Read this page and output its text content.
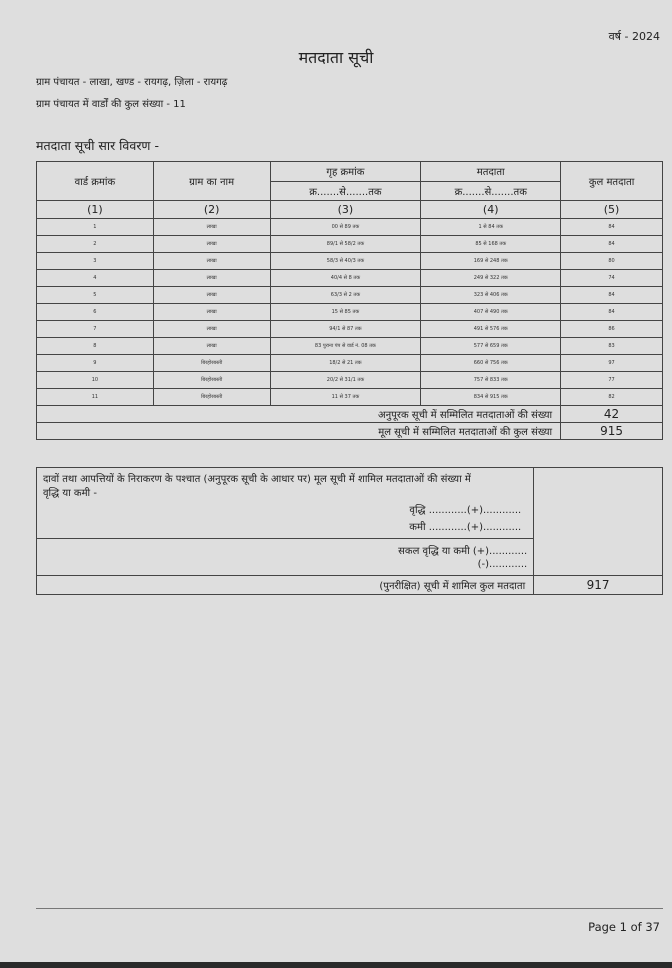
वर्ष - 2024
मतदाता सूची
ग्राम पंचायत - लाखा, खण्ड - रायगढ़, ज़िला - रायगढ़
ग्राम पंचायत में वार्डों की कुल संख्या - 11
मतदाता सूची सार विवरण -
वार्ड क्रमांक	ग्राम का नाम	गृह क्रमांक	मतदाता	कुल मतदाता
		क्र.......से.......तक	क्र.......से.......तक	
(1)	(2)	(3)	(4)	(5)
1	लाखा	00 से 89 तक	1 से 84 तक	84
2	लाखा	89/1 से 58/2 तक	85 से 168 तक	84
3	लाखा	58/3 से 40/3 तक	169 से 248 तक	80
4	लाखा	40/4 से 8 तक	249 से 322 तक	74
5	लाखा	63/3 से 2 तक	323 से 406 तक	84
6	लाखा	15 से 85 तक	407 से 490 तक	84
7	लाखा	94/1 से 87 तक	491 से 576 तक	86
8	लाखा	83 पुराना पंप से वार्ड नं. 08 तक	577 से 659 तक	83
9	बिरहोरबस्ती	18/2 से 21 तक	660 से 756 तक	97
10	बिरहोरबस्ती	20/2 से 31/1 तक	757 से 833 तक	77
11	बिरहोरबस्ती	11 से 37 तक	834 से 915 तक	82
अनुपूरक सूची में सम्मिलित मतदाताओं की संख्या				42
मूल सूची में सम्मिलित मतदाताओं की कुल संख्या				915
दावों तथा आपत्तियों के निराकरण के पश्चात (अनुपूरक सूची के आधार पर) मूल सूची में शामिल मतदाताओं की संख्या में
वृद्धि या कमी -
वृद्धि ............(+)............
कमी ............(+)............	

सकल वृद्धि या कमी (+)............
(-)............	

(पुनरीक्षित) सूची में शामिल कुल मतदाता	917
Page 1 of 37
